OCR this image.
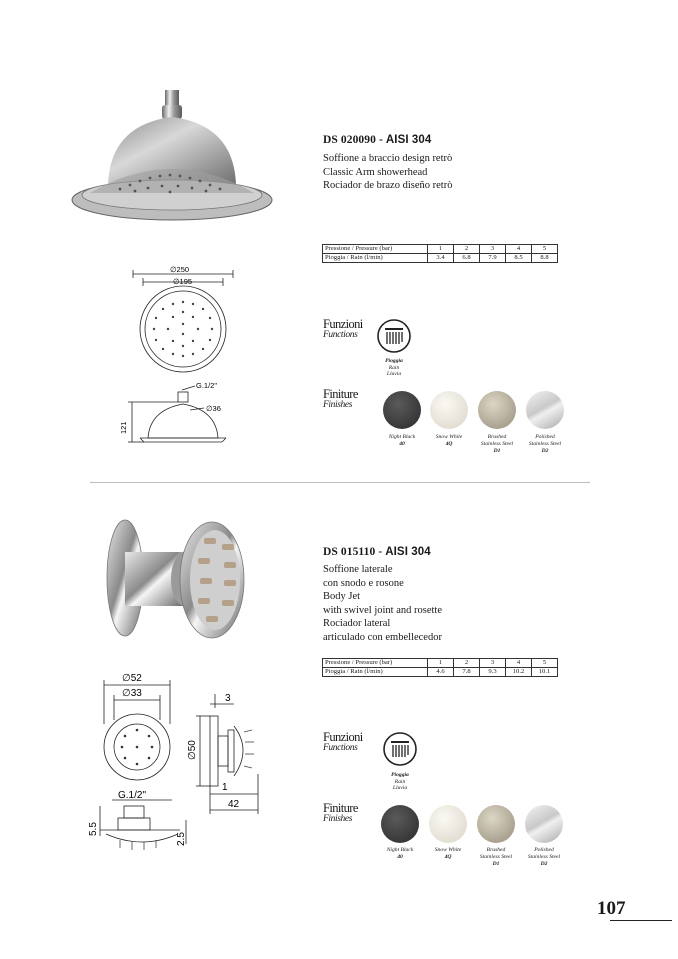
DS 020090 - AISI 304
Soffione a braccio design retrò
Classic Arm showerhead
Rociador de brazo diseño retrò
Pressione / Pressure (bar)	1	2	3	4	5
Pioggia / Rain (l/min)	3.4	6.8	7.9	8.5	8.8
∅250
∅195
G.1/2"
∅36
121
Funzioni
Functions
Pioggia
Rain
Lluvia
Finiture
Finishes
Night Black
40
Snow White
4Q
Brushed
Stainless Steel
D1
Polished
Stainless Steel
D2
DS 015110 - AISI 304
Soffione laterale
con snodo e rosone
Body Jet
with swivel joint and rosette
Rociador lateral
articulado con embellecedor
Pressione / Pressure (bar)	1	2	3	4	5
Pioggia / Rain (l/min)	4.6	7.8	9.3	10.2	10.1
∅52
∅33	3
∅50
1
42
G.1/2"
5.5
2.5
Funzioni
Functions
Pioggia
Rain
Lluvia
Finiture
Finishes
Night Black
40
Snow White
4Q
Brushed
Stainless Steel
D1
Polished
Stainless Steel
D2
107
